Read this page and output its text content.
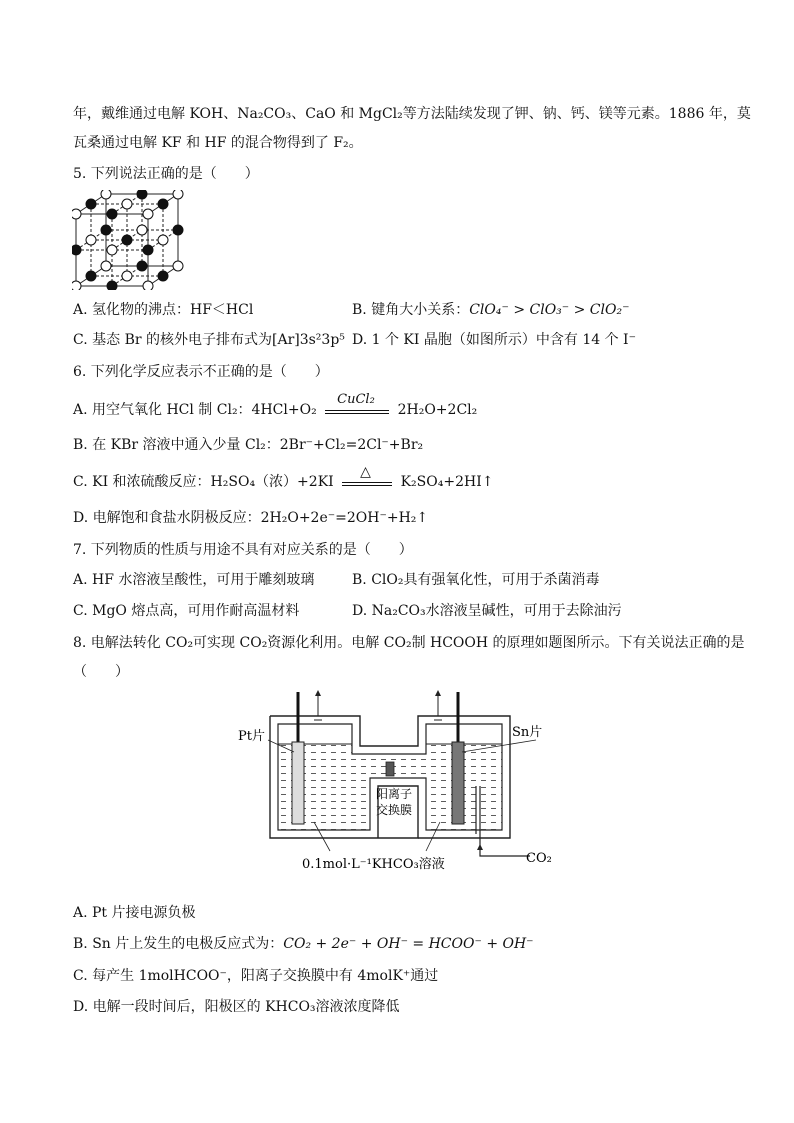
年，戴维通过电解 KOH、Na₂CO₃、CaO 和 MgCl₂等方法陆续发现了钾、钠、钙、镁等元素。1886 年，莫
瓦桑通过电解 KF 和 HF 的混合物得到了 F₂。
5. 下列说法正确的是（　　）
A. 氢化物的沸点：HF＜HCl	B. 键角大小关系：ClO₄⁻ > ClO₃⁻ > ClO₂⁻
C. 基态 Br 的核外电子排布式为[Ar]3s²3p⁵ D. 1 个 KI 晶胞（如图所示）中含有 14 个 I⁻
6. 下列化学反应表示不正确的是（　　）
A. 用空气氧化 HCl 制 Cl₂：4HCl+O₂
CuCl₂
2H₂O+2Cl₂
B. 在 KBr 溶液中通入少量 Cl₂：2Br⁻+Cl₂=2Cl⁻+Br₂
C. KI 和浓硫酸反应：H₂SO₄（浓）+2KI
△
K₂SO₄+2HI↑
D. 电解饱和食盐水阴极反应：2H₂O+2e⁻=2OH⁻+H₂↑
7. 下列物质的性质与用途不具有对应关系的是（　　）
A. HF 水溶液呈酸性，可用于雕刻玻璃	B. ClO₂具有强氧化性，可用于杀菌消毒
C. MgO 熔点高，可用作耐高温材料	D. Na₂CO₃水溶液呈碱性，可用于去除油污
8. 电解法转化 CO₂可实现 CO₂资源化利用。电解 CO₂制 HCOOH 的原理如题图所示。下有关说法正确的是
（　　）
Pt片	Sn片
阳离子
交换膜
0.1mol·L⁻¹KHCO₃溶液	CO₂
A. Pt 片接电源负极
B. Sn 片上发生的电极反应式为：CO₂ + 2e⁻ + OH⁻ = HCOO⁻ + OH⁻
C. 每产生 1molHCOO⁻，阳离子交换膜中有 4molK⁺通过
D. 电解一段时间后，阳极区的 KHCO₃溶液浓度降低
